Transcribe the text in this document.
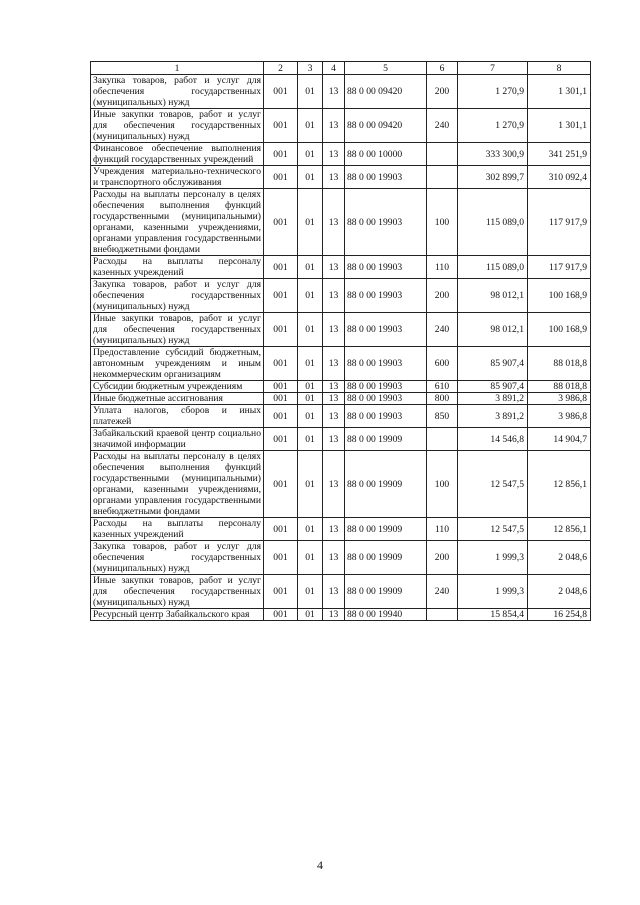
1	2	3	4	5	6	7	8
Закупка товаров, работ и услуг для обеспечения государственных (муниципальных) нужд	001	01	13	88 0 00 09420	200	1 270,9	1 301,1
Иные закупки товаров, работ и услуг для обеспечения государственных (муниципальных) нужд	001	01	13	88 0 00 09420	240	1 270,9	1 301,1
Финансовое обеспечение выполнения функций государственных учреждений	001	01	13	88 0 00 10000		333 300,9	341 251,9
Учреждения материально-технического и транспортного обслуживания	001	01	13	88 0 00 19903		302 899,7	310 092,4
Расходы на выплаты персоналу в целях обеспечения выполнения функций государственными (муниципальными) органами, казенными учреждениями, органами управления государственными внебюджетными фондами	001	01	13	88 0 00 19903	100	115 089,0	117 917,9
Расходы на выплаты персоналу казенных учреждений	001	01	13	88 0 00 19903	110	115 089,0	117 917,9
Закупка товаров, работ и услуг для обеспечения государственных (муниципальных) нужд	001	01	13	88 0 00 19903	200	98 012,1	100 168,9
Иные закупки товаров, работ и услуг для обеспечения государственных (муниципальных) нужд	001	01	13	88 0 00 19903	240	98 012,1	100 168,9
Предоставление субсидий бюджетным, автономным учреждениям и иным некоммерческим организациям	001	01	13	88 0 00 19903	600	85 907,4	88 018,8
Субсидии бюджетным учреждениям	001	01	13	88 0 00 19903	610	85 907,4	88 018,8
Иные бюджетные ассигнования	001	01	13	88 0 00 19903	800	3 891,2	3 986,8
Уплата налогов, сборов и иных платежей	001	01	13	88 0 00 19903	850	3 891,2	3 986,8
Забайкальский краевой центр социально значимой информации	001	01	13	88 0 00 19909		14 546,8	14 904,7
Расходы на выплаты персоналу в целях обеспечения выполнения функций государственными (муниципальными) органами, казенными учреждениями, органами управления государственными внебюджетными фондами	001	01	13	88 0 00 19909	100	12 547,5	12 856,1
Расходы на выплаты персоналу казенных учреждений	001	01	13	88 0 00 19909	110	12 547,5	12 856,1
Закупка товаров, работ и услуг для обеспечения государственных (муниципальных) нужд	001	01	13	88 0 00 19909	200	1 999,3	2 048,6
Иные закупки товаров, работ и услуг для обеспечения государственных (муниципальных) нужд	001	01	13	88 0 00 19909	240	1 999,3	2 048,6
Ресурсный центр Забайкальского края	001	01	13	88 0 00 19940		15 854,4	16 254,8
4
